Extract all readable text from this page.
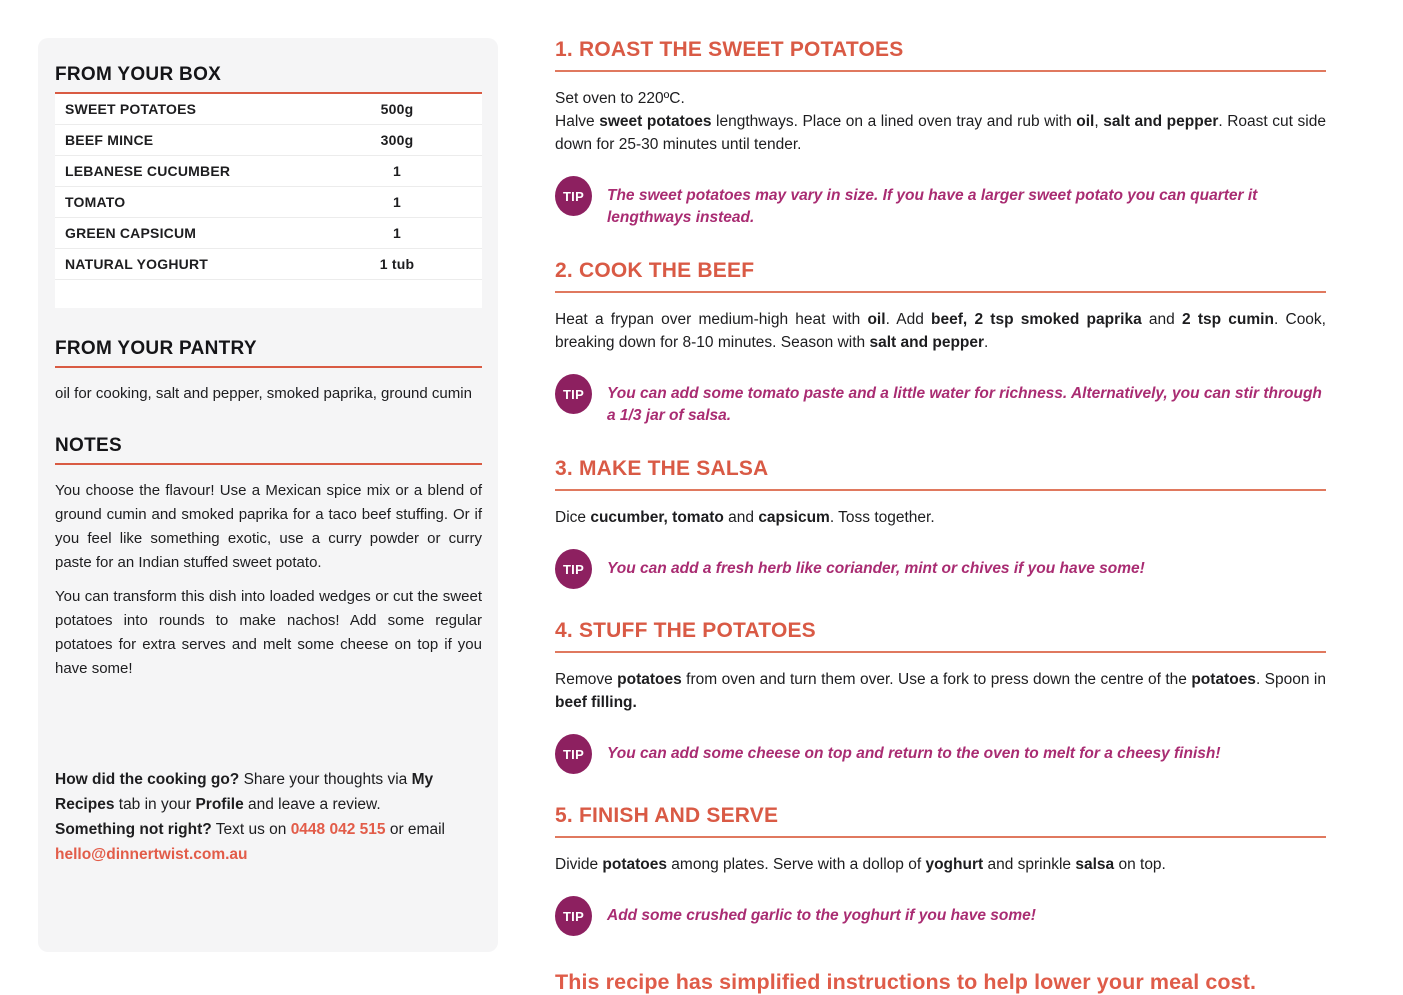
FROM YOUR BOX
SWEET POTATOES	500g
BEEF MINCE	300g
LEBANESE CUCUMBER	1
TOMATO	1
GREEN CAPSICUM	1
NATURAL YOGHURT	1 tub
FROM YOUR PANTRY

oil for cooking, salt and pepper, smoked paprika, ground cumin

NOTES

You choose the flavour! Use a Mexican spice mix or a blend of ground cumin and smoked paprika for a taco beef stuffing. Or if you feel like something exotic, use a curry powder or curry paste for an Indian stuffed sweet potato.

You can transform this dish into loaded wedges or cut the sweet potatoes into rounds to make nachos! Add some regular potatoes for extra serves and melt some cheese on top if you have some!

How did the cooking go? Share your thoughts via My Recipes tab in your Profile and leave a review.

Something not right? Text us on 0448 042 515 or email hello@dinnertwist.com.au

1. ROAST THE SWEET POTATOES

Set oven to 220ºC.

Halve sweet potatoes lengthways. Place on a lined oven tray and rub with oil, salt and pepper. Roast cut side down for 25-30 minutes until tender.

TIP	The sweet potatoes may vary in size. If you have a larger sweet potato you can quarter it lengthways instead.
2. COOK THE BEEF

Heat a frypan over medium-high heat with oil. Add beef, 2 tsp smoked paprika and 2 tsp cumin. Cook, breaking down for 8-10 minutes. Season with salt and pepper.

TIP	You can add some tomato paste and a little water for richness. Alternatively, you can stir through a 1/3 jar of salsa.
3. MAKE THE SALSA

Dice cucumber, tomato and capsicum. Toss together.

TIP	You can add a fresh herb like coriander, mint or chives if you have some!
4. STUFF THE POTATOES

Remove potatoes from oven and turn them over. Use a fork to press down the centre of the potatoes. Spoon in beef filling.

TIP	You can add some cheese on top and return to the oven to melt for a cheesy finish!
5. FINISH AND SERVE

Divide potatoes among plates. Serve with a dollop of yoghurt and sprinkle salsa on top.

TIP	Add some crushed garlic to the yoghurt if you have some!

This recipe has simplified instructions to help lower your meal cost.
